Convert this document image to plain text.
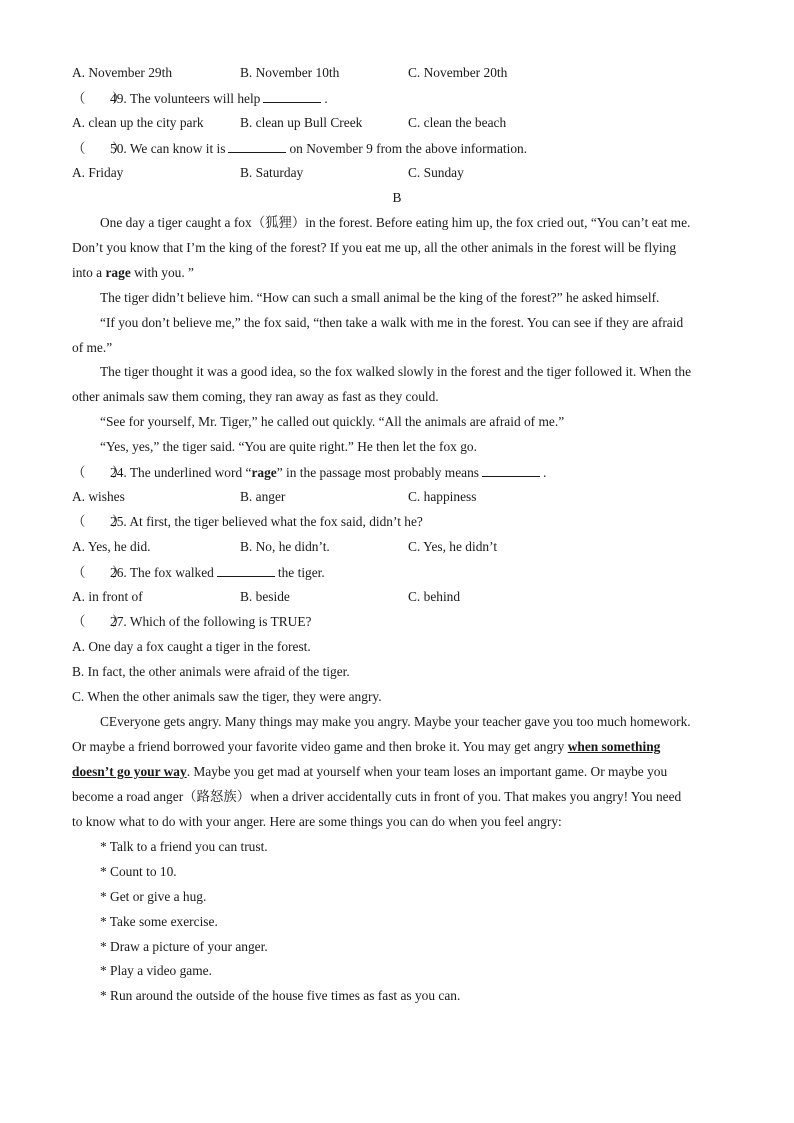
A. November 29th	B. November 10th	C. November 20th
（　　）49. The volunteers will help	.
A. clean up the city park	B. clean up Bull Creek	C. clean the beach
（　　）50. We can know it is	on November 9 from the above information.
A. Friday	B. Saturday	C. Sunday
B
One day a tiger caught a fox（狐狸）in the forest. Before eating him up, the fox cried out, “You can’t eat me.
Don’t you know that I’m the king of the forest? If you eat me up, all the other animals in the forest will be flying
into a rage with you. ”
The tiger didn’t believe him. “How can such a small animal be the king of the forest?” he asked himself.
“If you don’t believe me,” the fox said, “then take a walk with me in the forest. You can see if they are afraid
of me.”
The tiger thought it was a good idea, so the fox walked slowly in the forest and the tiger followed it. When the
other animals saw them coming, they ran away as fast as they could.
“See for yourself, Mr. Tiger,” he called out quickly. “All the animals are afraid of me.”
“Yes, yes,” the tiger said. “You are quite right.” He then let the fox go.
（　　）24. The underlined word “rage” in the passage most probably means	.
A. wishes	B. anger	C. happiness
（　　）25. At first, the tiger believed what the fox said, didn’t he?
A. Yes, he did.	B. No, he didn’t.	C. Yes, he didn’t
（　　）26. The fox walked	the tiger.
A. in front of	B. beside	C. behind
（　　）27. Which of the following is TRUE?
A. One day a fox caught a tiger in the forest.
B. In fact, the other animals were afraid of the tiger.
C. When the other animals saw the tiger, they were angry.
CEveryone gets angry. Many things may make you angry. Maybe your teacher gave you too much homework.
Or maybe a friend borrowed your favorite video game and then broke it. You may get angry when something
doesn’t go your way. Maybe you get mad at yourself when your team loses an important game. Or maybe you
become a road anger（路怒族）when a driver accidentally cuts in front of you. That makes you angry! You need
to know what to do with your anger. Here are some things you can do when you feel angry:
* Talk to a friend you can trust.
* Count to 10.
* Get or give a hug.
* Take some exercise.
* Draw a picture of your anger.
* Play a video game.
* Run around the outside of the house five times as fast as you can.
